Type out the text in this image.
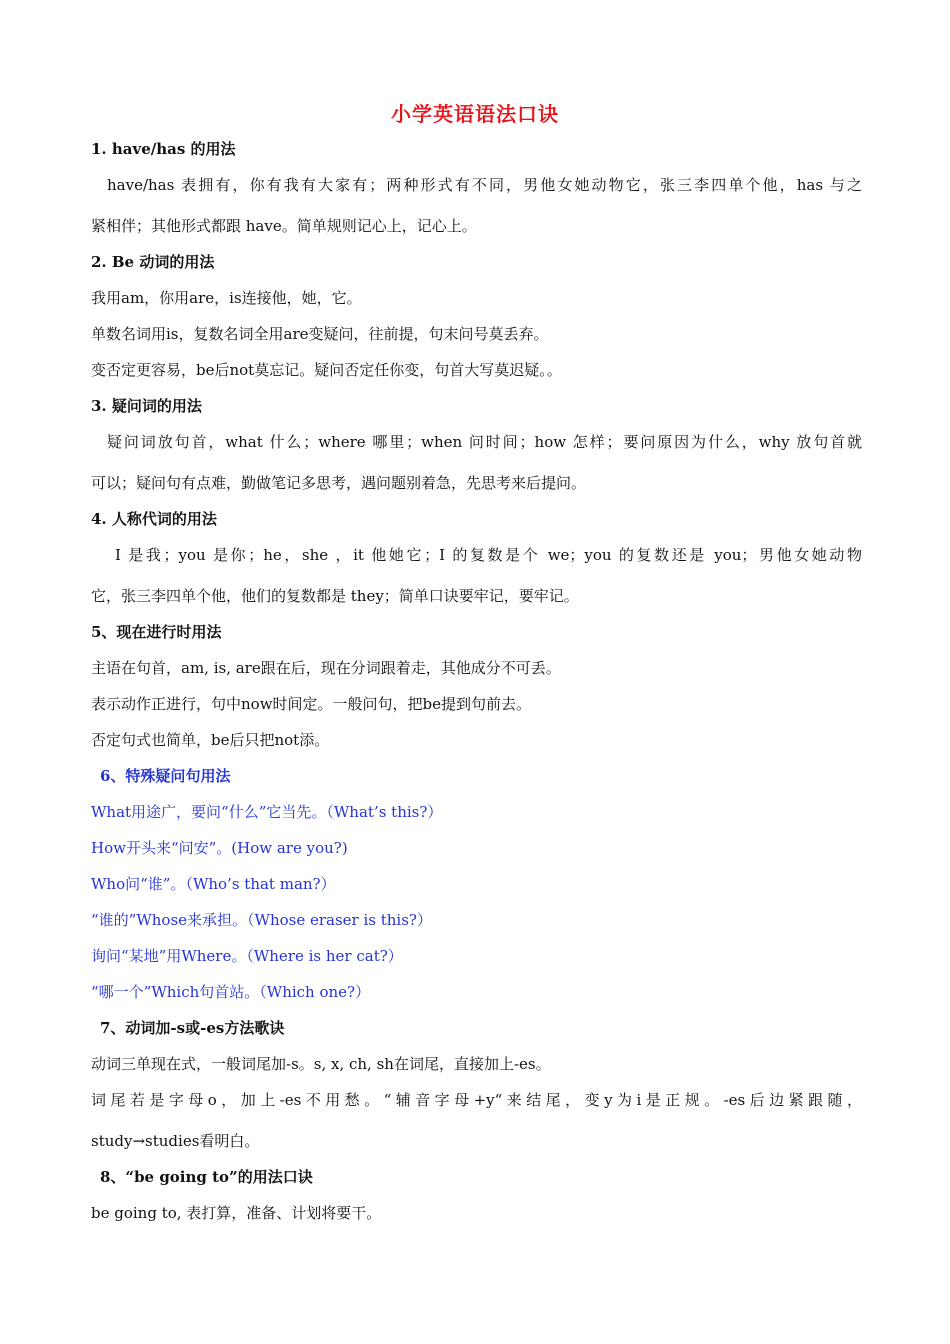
小学英语语法口诀
1. have/has 的用法
have/has 表拥有，你有我有大家有；两种形式有不同，男他女她动物它，张三李四单个他，has 与之
紧相伴；其他形式都跟 have。简单规则记心上，记心上。
2. Be 动词的用法
我用am，你用are，is连接他，她，它。
单数名词用is，复数名词全用are变疑问，往前提，句末问号莫丢弃。
变否定更容易，be后not莫忘记。疑问否定任你变，句首大写莫迟疑。。
3. 疑问词的用法
疑问词放句首，what 什么；where 哪里；when 问时间；how 怎样；要问原因为什么，why 放句首就
可以；疑问句有点难，勤做笔记多思考，遇问题别着急，先思考来后提问。
4. 人称代词的用法
I 是我；you 是你；he，she ，it 他她它；I 的复数是个 we；you 的复数还是 you；男他女她动物
它，张三李四单个他，他们的复数都是 they；简单口诀要牢记，要牢记。
5、现在进行时用法
主语在句首，am, is, are跟在后，现在分词跟着走，其他成分不可丢。
表示动作正进行，句中now时间定。一般问句，把be提到句前去。
否定句式也简单，be后只把not添。
6、特殊疑问句用法
What用途广，要问“什么”它当先。（What’s this?）
How开头来“问安”。(How are you?)
Who问“谁”。（Who’s that man?）
“谁的”Whose来承担。（Whose eraser is this?）
询问“某地”用Where。（Where is her cat?）
“哪一个”Which句首站。（Which one?）
7、动词加-s或-es方法歌诀
动词三单现在式，一般词尾加-s。s, x, ch, sh在词尾，直接加上-es。
词尾若是字母o，加上-es不用愁。“辅音字母+y“来结尾，变y为i是正规。-es后边紧跟随，
study→studies看明白。
8、“be going to”的用法口诀
be going to, 表打算，准备、计划将要干。
